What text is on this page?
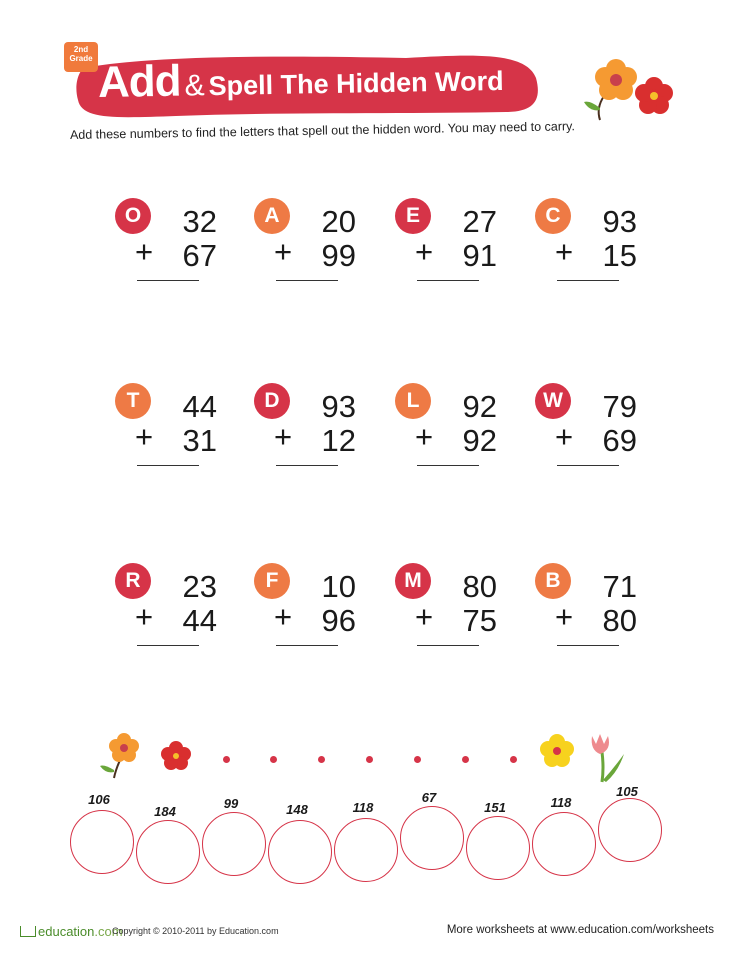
2nd
Grade Add & Spell The Hidden Word
Add these numbers to find the letters that spell out the hidden word. You may need to carry.
O	32
+ 67
A	20
+ 99
E	27
+ 91
C	93
+ 15
T	44
+ 31
D	93
+ 12
L	92
+ 92
W 79
+ 69
R	23
+ 44
F	10
+ 96
M 80
+ 75
B	71
+ 80
106
184
99	148	118
67
151	118
105
education.com
Copyright © 2010-2011 by Education.com	More worksheets at www.education.com/worksheets
